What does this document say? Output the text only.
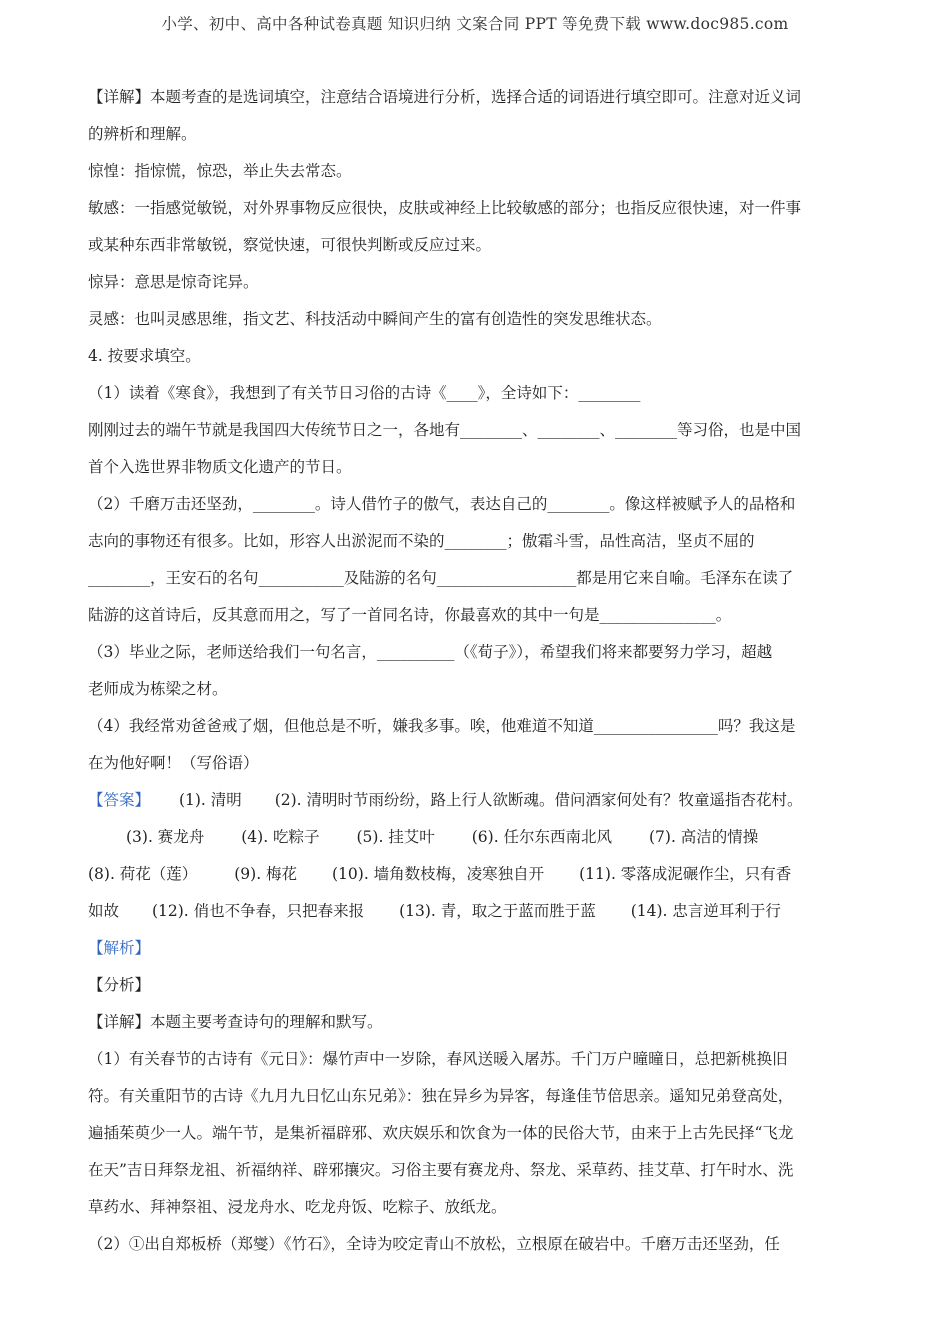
小学、初中、高中各种试卷真题 知识归纳 文案合同 PPT 等免费下载 www.doc985.com
【详解】本题考查的是选词填空，注意结合语境进行分析，选择合适的词语进行填空即可。注意对近义词
的辨析和理解。
惊惶：指惊慌，惊恐，举止失去常态。
敏感：一指感觉敏锐，对外界事物反应很快，皮肤或神经上比较敏感的部分；也指反应很快速，对一件事
或某种东西非常敏锐，察觉快速，可很快判断或反应过来。
惊异：意思是惊奇诧异。
灵感：也叫灵感思维，指文艺、科技活动中瞬间产生的富有创造性的突发思维状态。
4. 按要求填空。
（1）读着《寒食》，我想到了有关节日习俗的古诗《____》，全诗如下：________
刚刚过去的端午节就是我国四大传统节日之一，各地有________、________、________等习俗，也是中国
首个入选世界非物质文化遗产的节日。
（2）千磨万击还坚劲，________。诗人借竹子的傲气，表达自己的________。像这样被赋予人的品格和
志向的事物还有很多。比如，形容人出淤泥而不染的________；傲霜斗雪，品性高洁，坚贞不屈的
________，王安石的名句___________及陆游的名句__________________都是用它来自喻。毛泽东在读了
陆游的这首诗后，反其意而用之，写了一首同名诗，你最喜欢的其中一句是_______________。
（3）毕业之际，老师送给我们一句名言，__________（《荀子》），希望我们将来都要努力学习，超越
老师成为栋梁之材。
（4）我经常劝爸爸戒了烟，但他总是不听，嫌我多事。唉，他难道不知道________________吗？我这是
在为他好啊！（写俗语）
【答案】 (1). 清明 (2). 清明时节雨纷纷，路上行人欲断魂。借问酒家何处有？牧童遥指杏花村。
(3). 赛龙舟 (4). 吃粽子 (5). 挂艾叶 (6). 任尔东西南北风 (7). 高洁的情操
(8). 荷花（莲） (9). 梅花 (10). 墙角数枝梅，凌寒独自开 (11). 零落成泥碾作尘，只有香
如故 (12). 俏也不争春，只把春来报 (13). 青，取之于蓝而胜于蓝 (14). 忠言逆耳利于行
【解析】
【分析】
【详解】本题主要考查诗句的理解和默写。
（1）有关春节的古诗有《元日》：爆竹声中一岁除，春风送暖入屠苏。千门万户曈曈日，总把新桃换旧
符。有关重阳节的古诗《九月九日忆山东兄弟》：独在异乡为异客，每逢佳节倍思亲。遥知兄弟登高处，
遍插茱萸少一人。端午节，是集祈福辟邪、欢庆娱乐和饮食为一体的民俗大节，由来于上古先民择“飞龙
在天”吉日拜祭龙祖、祈福纳祥、辟邪攘灾。习俗主要有赛龙舟、祭龙、采草药、挂艾草、打午时水、洗
草药水、拜神祭祖、浸龙舟水、吃龙舟饭、吃粽子、放纸龙。
（2）①出自郑板桥（郑燮）《竹石》，全诗为咬定青山不放松，立根原在破岩中。千磨万击还坚劲，任
